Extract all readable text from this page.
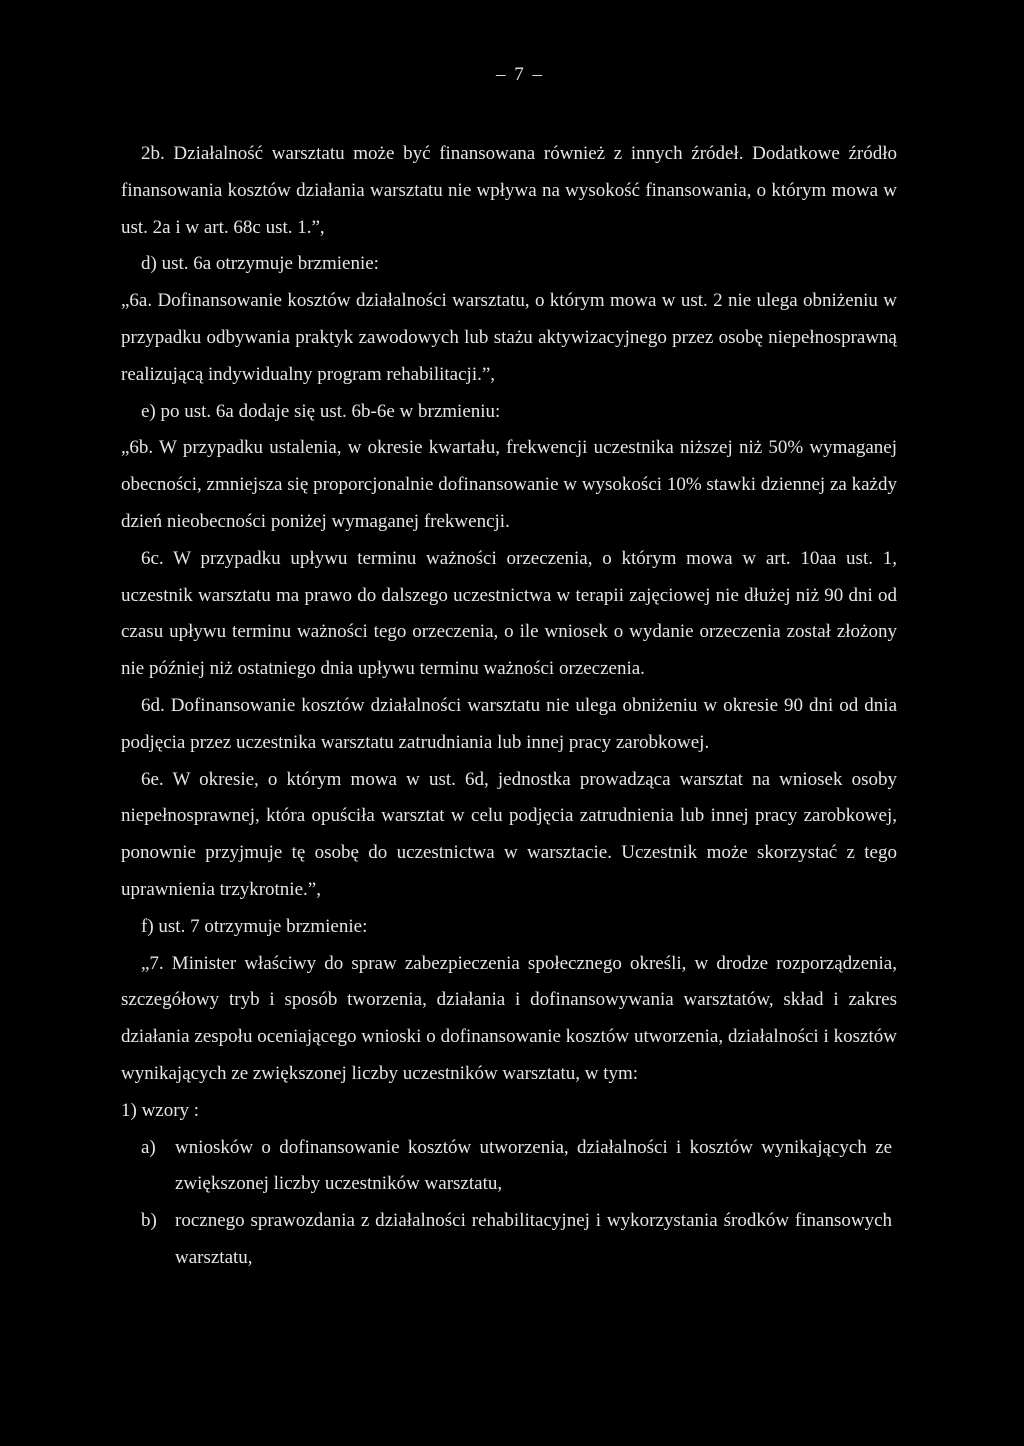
– 7 –

2b. Działalność warsztatu może być finansowana również z innych źródeł. Dodatkowe źródło finansowania kosztów działania warsztatu nie wpływa na wysokość finansowania, o którym mowa w ust. 2a i w art. 68c ust. 1.”,

d) ust. 6a otrzymuje brzmienie:

„6a. Dofinansowanie kosztów działalności warsztatu, o którym mowa w ust. 2 nie ulega obniżeniu w przypadku odbywania praktyk zawodowych lub stażu aktywizacyjnego przez osobę niepełnosprawną realizującą indywidualny program rehabilitacji.”,

e) po ust. 6a dodaje się ust. 6b-6e w brzmieniu:

„6b. W przypadku ustalenia, w okresie kwartału, frekwencji uczestnika niższej niż 50% wymaganej obecności, zmniejsza się proporcjonalnie dofinansowanie w wysokości 10% stawki dziennej za każdy dzień nieobecności poniżej wymaganej frekwencji.

6c. W przypadku upływu terminu ważności orzeczenia, o którym mowa w art. 10aa ust. 1, uczestnik warsztatu ma prawo do dalszego uczestnictwa w terapii zajęciowej nie dłużej niż 90 dni od czasu upływu terminu ważności tego orzeczenia, o ile wniosek o wydanie orzeczenia został złożony nie później niż ostatniego dnia upływu terminu ważności orzeczenia.

6d. Dofinansowanie kosztów działalności warsztatu nie ulega obniżeniu w okresie 90 dni od dnia podjęcia przez uczestnika warsztatu zatrudniania lub innej pracy zarobkowej.

6e. W okresie, o którym mowa w ust. 6d, jednostka prowadząca warsztat na wniosek osoby niepełnosprawnej, która opuściła warsztat w celu podjęcia zatrudnienia lub innej pracy zarobkowej, ponownie przyjmuje tę osobę do uczestnictwa w warsztacie. Uczestnik może skorzystać z tego uprawnienia trzykrotnie.”,

f) ust. 7 otrzymuje brzmienie:

„7. Minister właściwy do spraw zabezpieczenia społecznego określi, w drodze rozporządzenia, szczegółowy tryb i sposób tworzenia, działania i dofinansowywania warsztatów, skład i zakres działania zespołu oceniającego wnioski o dofinansowanie kosztów utworzenia, działalności i kosztów wynikających ze zwiększonej liczby uczestników warsztatu, w tym:

1) wzory :

a)	wniosków o dofinansowanie kosztów utworzenia, działalności i kosztów wynikających ze zwiększonej liczby uczestników warsztatu,
b) rocznego sprawozdania z działalności rehabilitacyjnej i wykorzystania środków finansowych warsztatu,
